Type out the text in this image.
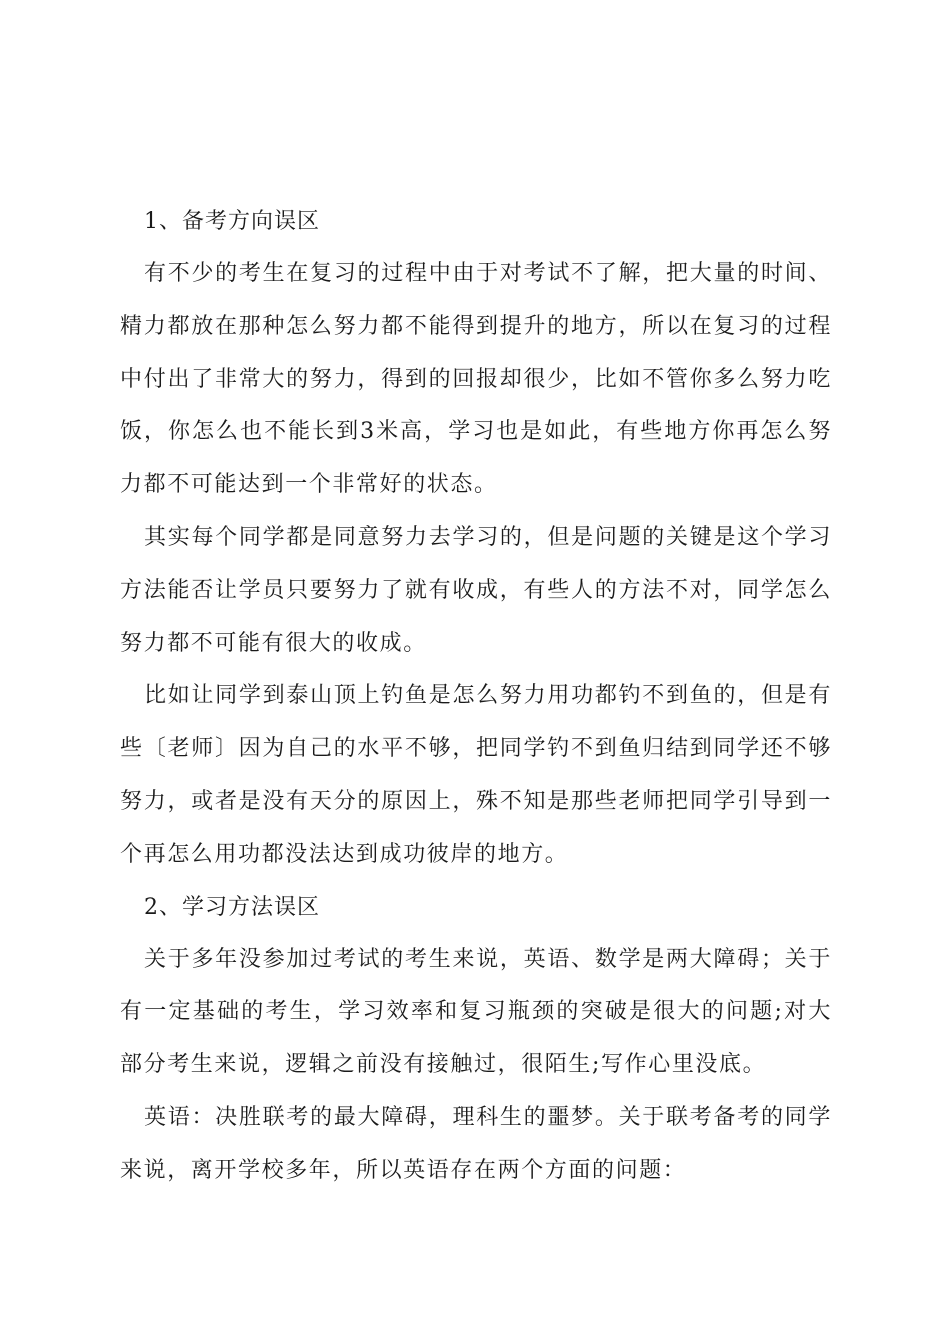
1、备考方向误区

有不少的考生在复习的过程中由于对考试不了解，把大量的时间、精力都放在那种怎么努力都不能得到提升的地方，所以在复习的过程中付出了非常大的努力，得到的回报却很少，比如不管你多么努力吃饭，你怎么也不能长到3米高，学习也是如此，有些地方你再怎么努力都不可能达到一个非常好的状态。

其实每个同学都是同意努力去学习的，但是问题的关键是这个学习方法能否让学员只要努力了就有收成，有些人的方法不对，同学怎么努力都不可能有很大的收成。

比如让同学到泰山顶上钓鱼是怎么努力用功都钓不到鱼的，但是有些〔老师〕因为自己的水平不够，把同学钓不到鱼归结到同学还不够努力，或者是没有天分的原因上，殊不知是那些老师把同学引导到一个再怎么用功都没法达到成功彼岸的地方。

2、学习方法误区

关于多年没参加过考试的考生来说，英语、数学是两大障碍；关于有一定基础的考生，学习效率和复习瓶颈的突破是很大的问题;对大部分考生来说，逻辑之前没有接触过，很陌生;写作心里没底。

英语：决胜联考的最大障碍，理科生的噩梦。关于联考备考的同学来说，离开学校多年，所以英语存在两个方面的问题：
